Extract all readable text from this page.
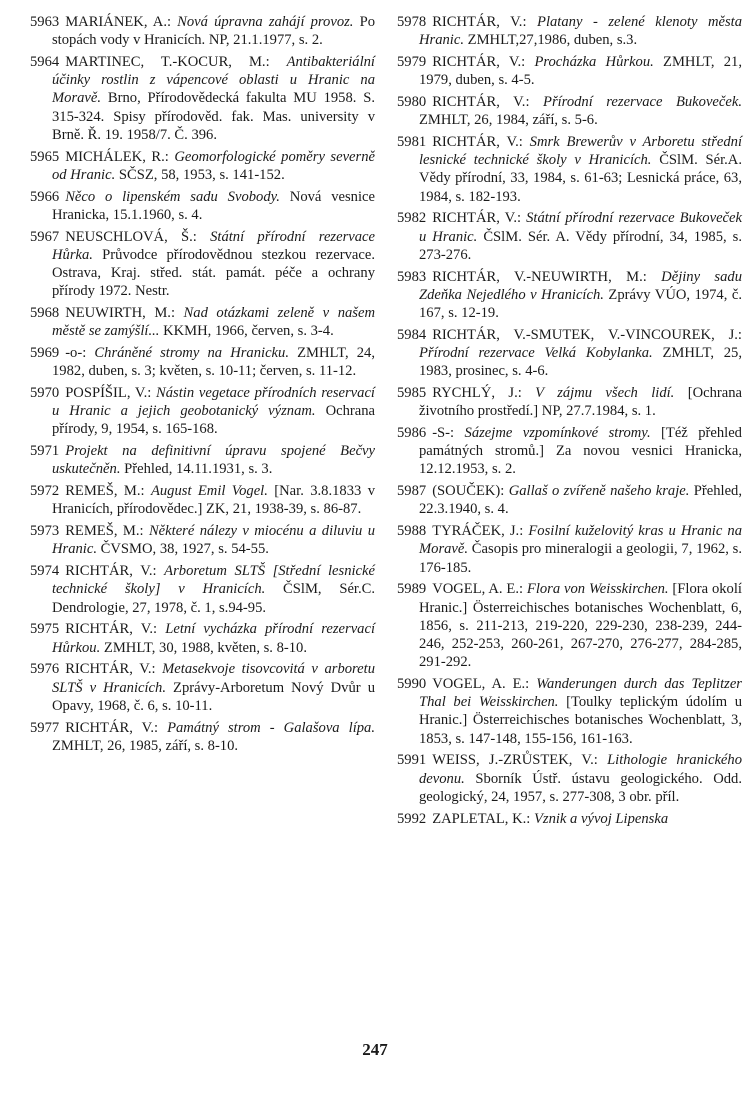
5963 MARIÁNEK, A.: Nová úpravna zahájí provoz. Po stopách vody v Hranicích. NP, 21.1.1977, s. 2.

5964 MARTINEC, T.-KOCUR, M.: Antibakteriální účinky rostlin z vápencové oblasti u Hranic na Moravě. Brno, Přírodovědecká fakulta MU 1958. S. 315-324. Spisy přírodověd. fak. Mas. university v Brně. Ř. 19. 1958/7. Č. 396.

5965 MICHÁLEK, R.: Geomorfologické poměry severně od Hranic. SČSZ, 58, 1953, s. 141-152.

5966 Něco o lipenském sadu Svobody. Nová vesnice Hranicka, 15.1.1960, s. 4.

5967 NEUSCHLOVÁ, Š.: Státní přírodní rezervace Hůrka. Průvodce přírodovědnou stezkou rezervace. Ostrava, Kraj. střed. stát. památ. péče a ochrany přírody 1972. Nestr.

5968 NEUWIRTH, M.: Nad otázkami zeleně v našem městě se zamýšlí... KKMH, 1966, červen, s. 3-4.

5969 -o-: Chráněné stromy na Hranicku. ZMHLT, 24, 1982, duben, s. 3; květen, s. 10-11; červen, s. 11-12.

5970 POSPÍŠIL, V.: Nástin vegetace přírodních reservací u Hranic a jejich geobotanický význam. Ochrana přírody, 9, 1954, s. 165-168.

5971 Projekt na definitivní úpravu spojené Bečvy uskutečněn. Přehled, 14.11.1931, s. 3.

5972 REMEŠ, M.: August Emil Vogel. [Nar. 3.8.1833 v Hranicích, přírodovědec.] ZK, 21, 1938-39, s. 86-87.

5973 REMEŠ, M.: Některé nálezy v miocénu a diluviu u Hranic. ČVSMO, 38, 1927, s. 54-55.

5974 RICHTÁR, V.: Arboretum SLTŠ [Střední lesnické technické školy] v Hranicích. ČSlM, Sér.C. Dendrologie, 27, 1978, č. 1, s.94-95.

5975 RICHTÁR, V.: Letní vycházka přírodní rezervací Hůrkou. ZMHLT, 30, 1988, květen, s. 8-10.

5976 RICHTÁR, V.: Metasekvoje tisovcovitá v arboretu SLTŠ v Hranicích. Zprávy-Arboretum Nový Dvůr u Opavy, 1968, č. 6, s. 10-11.

5977 RICHTÁR, V.: Památný strom - Galašova lípa. ZMHLT, 26, 1985, září, s. 8-10.

5978 RICHTÁR, V.: Platany - zelené klenoty města Hranic. ZMHLT,27,1986, duben, s.3.

5979 RICHTÁR, V.: Procházka Hůrkou. ZMHLT, 21, 1979, duben, s. 4-5.

5980 RICHTÁR, V.: Přírodní rezervace Bukoveček. ZMHLT, 26, 1984, září, s. 5-6.

5981 RICHTÁR, V.: Smrk Brewerův v Arboretu střední lesnické technické školy v Hranicích. ČSlM. Sér.A. Vědy přírodní, 33, 1984, s. 61-63; Lesnická práce, 63, 1984, s. 182-193.

5982 RICHTÁR, V.: Státní přírodní rezervace Bukoveček u Hranic. ČSlM. Sér. A. Vědy přírodní, 34, 1985, s. 273-276.

5983 RICHTÁR, V.-NEUWIRTH, M.: Dějiny sadu Zdeňka Nejedlého v Hranicích. Zprávy VÚO, 1974, č. 167, s. 12-19.

5984 RICHTÁR, V.-SMUTEK, V.-VINCOUREK, J.: Přírodní rezervace Velká Kobylanka. ZMHLT, 25, 1983, prosinec, s. 4-6.

5985 RYCHLÝ, J.: V zájmu všech lidí. [Ochrana životního prostředí.] NP, 27.7.1984, s. 1.

5986 -S-: Sázejme vzpomínkové stromy. [Též přehled památných stromů.] Za novou vesnici Hranicka, 12.12.1953, s. 2.

5987 (SOUČEK): Gallaš o zvířeně našeho kraje. Přehled, 22.3.1940, s. 4.

5988 TYRÁČEK, J.: Fosilní kuželovitý kras u Hranic na Moravě. Časopis pro mineralogii a geologii, 7, 1962, s. 176-185.

5989 VOGEL, A. E.: Flora von Weisskirchen. [Flora okolí Hranic.] Österreichisches botanisches Wochenblatt, 6, 1856, s. 211-213, 219-220, 229-230, 238-239, 244-246, 252-253, 260-261, 267-270, 276-277, 284-285, 291-292.

5990 VOGEL, A. E.: Wanderungen durch das Teplitzer Thal bei Weisskirchen. [Toulky teplickým údolím u Hranic.] Österreichisches botanisches Wochenblatt, 3, 1853, s. 147-148, 155-156, 161-163.

5991 WEISS, J.-ZRŮSTEK, V.: Lithologie hranického devonu. Sborník Ústř. ústavu geologického. Odd. geologický, 24, 1957, s. 277-308, 3 obr. příl.

5992 ZAPLETAL, K.: Vznik a vývoj Lipenska

247
